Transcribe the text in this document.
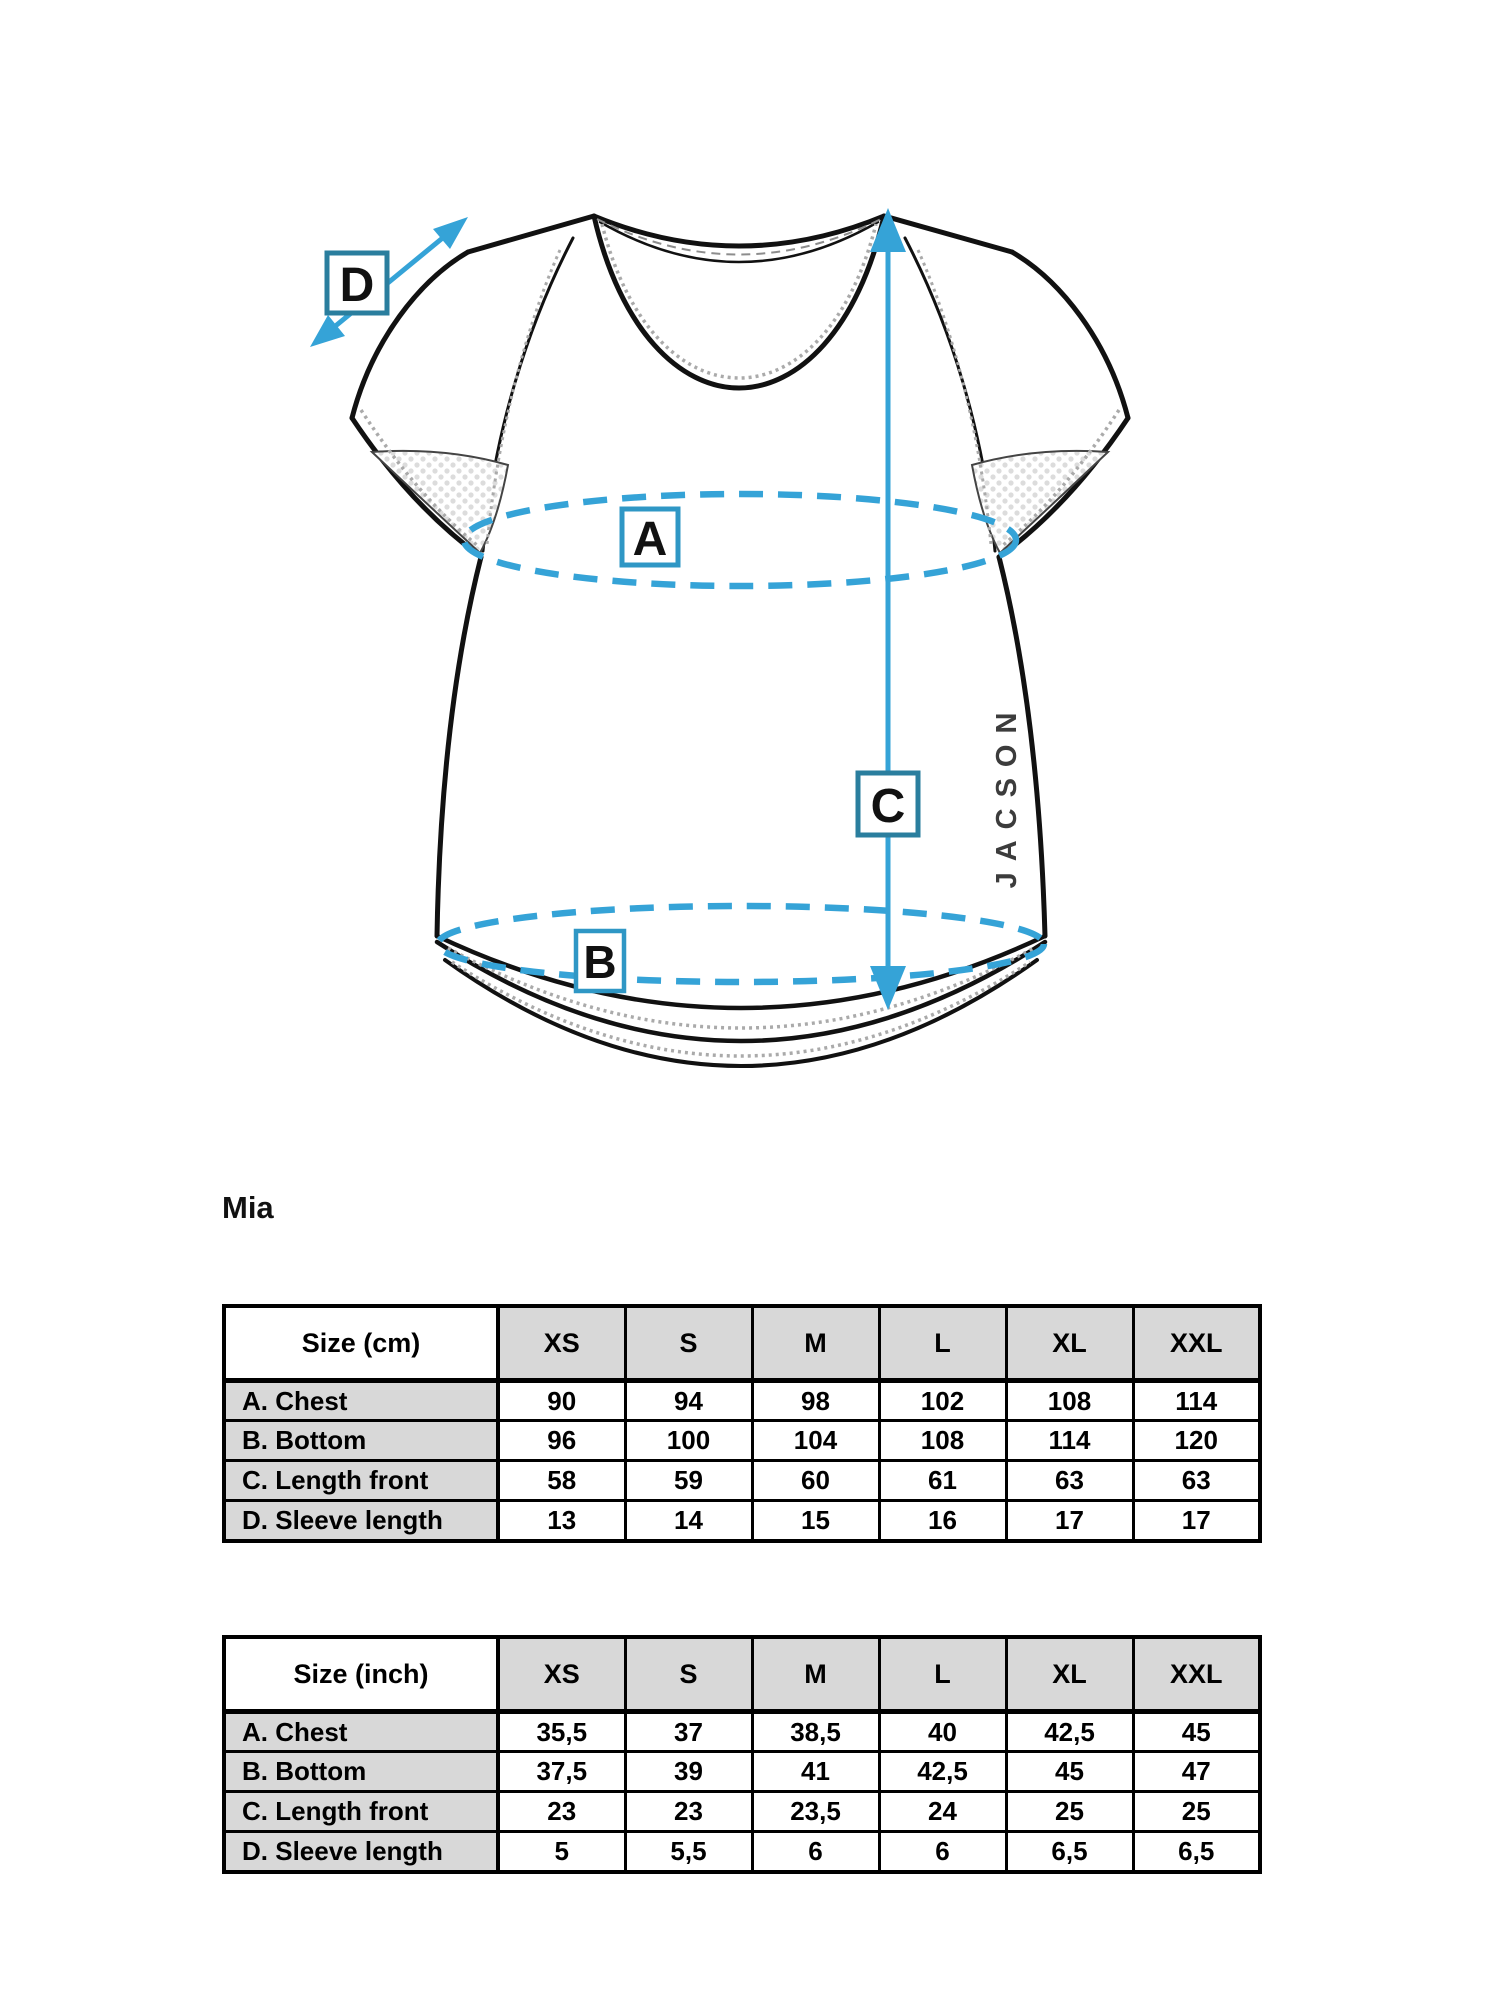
D
A
C
B
JACSON
Mia
Size (cm)	XS	S	M	L	XL	XXL
A. Chest	90	94	98	102	108	114
B. Bottom	96	100	104	108	114	120
C. Length front	58	59	60	61	63	63
D. Sleeve length	13	14	15	16	17	17
Size (inch)	XS	S	M	L	XL	XXL
A. Chest	35,5	37	38,5	40	42,5	45
B. Bottom	37,5	39	41	42,5	45	47
C. Length front	23	23	23,5	24	25	25
D. Sleeve length	5	5,5	6	6	6,5	6,5
